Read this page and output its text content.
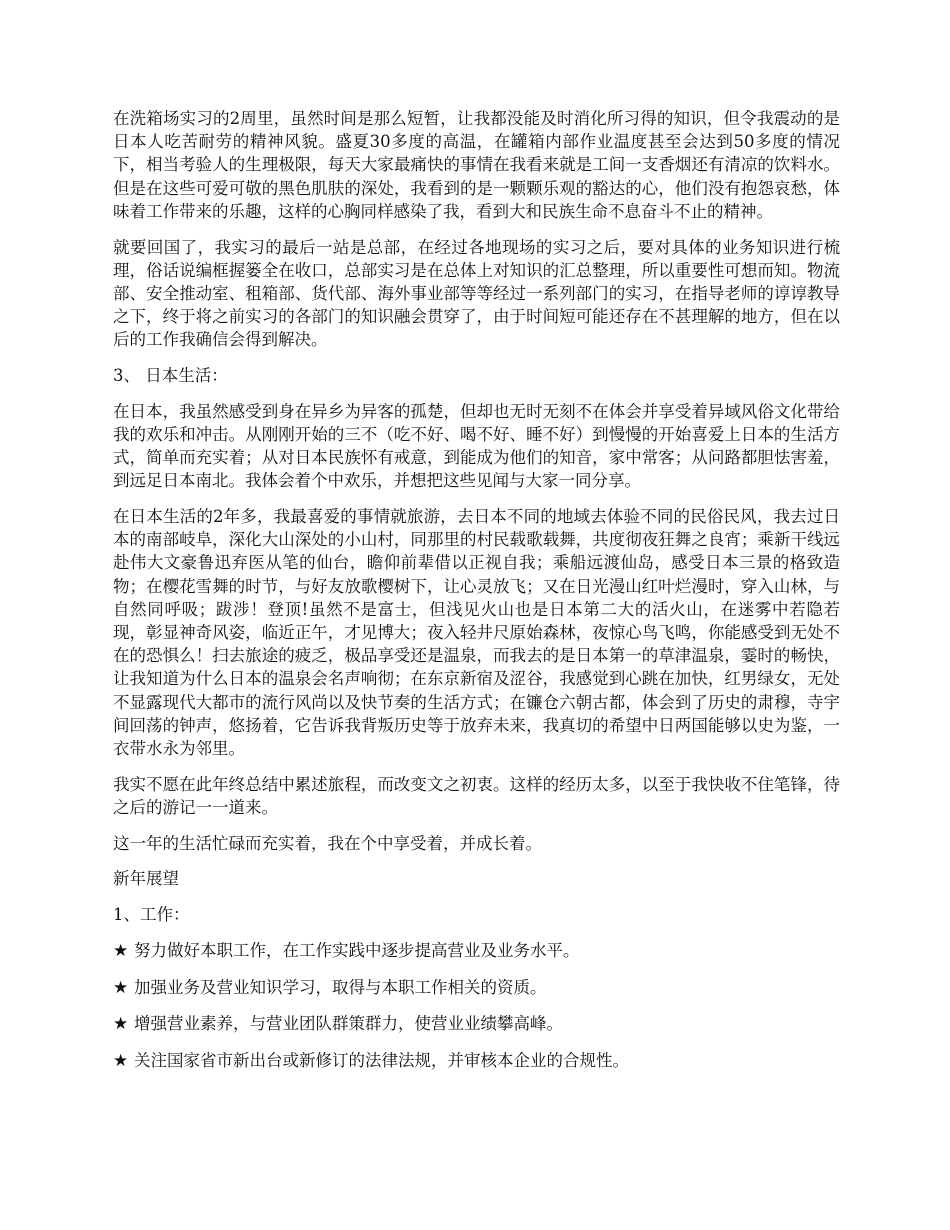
在洗箱场实习的2周里，虽然时间是那么短暂，让我都没能及时消化所习得的知识，但令我震动的是日本人吃苦耐劳的精神风貌。盛夏30多度的高温，在罐箱内部作业温度甚至会达到50多度的情况下，相当考验人的生理极限，每天大家最痛快的事情在我看来就是工间一支香烟还有清凉的饮料水。但是在这些可爱可敬的黑色肌肤的深处，我看到的是一颗颗乐观的豁达的心，他们没有抱怨哀愁，体味着工作带来的乐趣，这样的心胸同样感染了我，看到大和民族生命不息奋斗不止的精神。

就要回国了，我实习的最后一站是总部，在经过各地现场的实习之后，要对具体的业务知识进行梳理，俗话说编框握篓全在收口，总部实习是在总体上对知识的汇总整理，所以重要性可想而知。物流部、安全推动室、租箱部、货代部、海外事业部等等经过一系列部门的实习，在指导老师的谆谆教导之下，终于将之前实习的各部门的知识融会贯穿了，由于时间短可能还存在不甚理解的地方，但在以后的工作我确信会得到解决。

3、 日本生活：

在日本，我虽然感受到身在异乡为异客的孤楚，但却也无时无刻不在体会并享受着异域风俗文化带给我的欢乐和冲击。从刚刚开始的三不（吃不好、喝不好、睡不好）到慢慢的开始喜爱上日本的生活方式，简单而充实着；从对日本民族怀有戒意，到能成为他们的知音，家中常客；从问路都胆怯害羞，到远足日本南北。我体会着个中欢乐，并想把这些见闻与大家一同分享。

在日本生活的2年多，我最喜爱的事情就旅游，去日本不同的地域去体验不同的民俗民风，我去过日本的南部岐阜，深化大山深处的小山村，同那里的村民载歌载舞，共度彻夜狂舞之良宵；乘新干线远赴伟大文豪鲁迅弃医从笔的仙台，瞻仰前辈借以正视自我；乘船远渡仙岛，感受日本三景的格致造物；在樱花雪舞的时节，与好友放歌樱树下，让心灵放飞；又在日光漫山红叶烂漫时，穿入山林，与自然同呼吸；跋涉！登顶!虽然不是富士，但浅见火山也是日本第二大的活火山，在迷雾中若隐若现，彰显神奇风姿，临近正午，才见博大；夜入轻井尺原始森林，夜惊心鸟飞鸣，你能感受到无处不在的恐惧么！扫去旅途的疲乏，极品享受还是温泉，而我去的是日本第一的草津温泉，霎时的畅快，让我知道为什么日本的温泉会名声响彻；在东京新宿及涩谷，我感觉到心跳在加快，红男绿女，无处不显露现代大都市的流行风尚以及快节奏的生活方式；在镰仓六朝古都，体会到了历史的肃穆，寺宇间回荡的钟声，悠扬着，它告诉我背叛历史等于放弃未来，我真切的希望中日两国能够以史为鉴，一衣带水永为邻里。

我实不愿在此年终总结中累述旅程，而改变文之初衷。这样的经历太多，以至于我快收不住笔锋，待之后的游记一一道来。

这一年的生活忙碌而充实着，我在个中享受着，并成长着。

新年展望

1、工作：

★ 努力做好本职工作，在工作实践中逐步提高营业及业务水平。

★ 加强业务及营业知识学习，取得与本职工作相关的资质。

★ 增强营业素养，与营业团队群策群力，使营业业绩攀高峰。

★ 关注国家省市新出台或新修订的法律法规，并审核本企业的合规性。
